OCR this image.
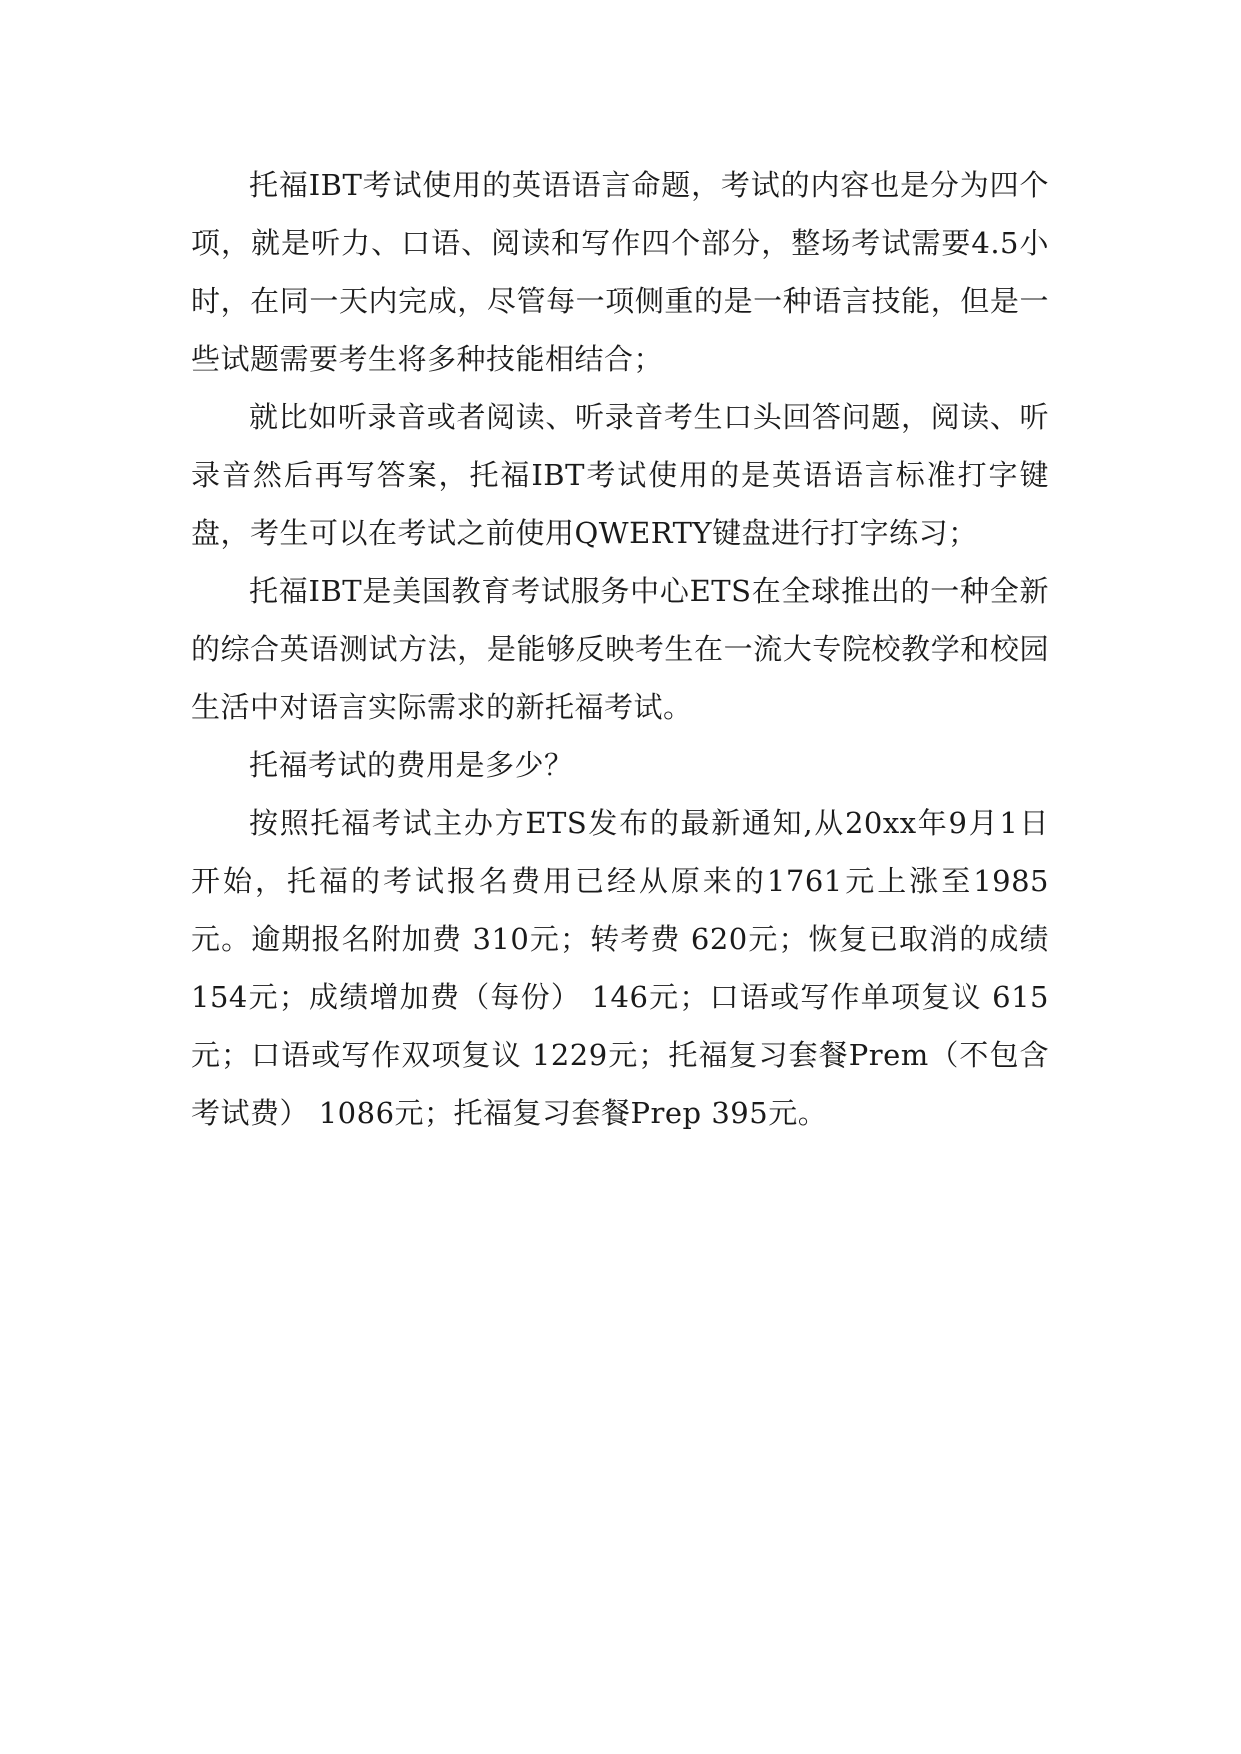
托福IBT考试使用的英语语言命题，考试的内容也是分为四个项，就是听力、口语、阅读和写作四个部分，整场考试需要4.5小时，在同一天内完成，尽管每一项侧重的是一种语言技能，但是一些试题需要考生将多种技能相结合；

就比如听录音或者阅读、听录音考生口头回答问题，阅读、听录音然后再写答案，托福IBT考试使用的是英语语言标准打字键盘，考生可以在考试之前使用QWERTY键盘进行打字练习；

托福IBT是美国教育考试服务中心ETS在全球推出的一种全新的综合英语测试方法，是能够反映考生在一流大专院校教学和校园生活中对语言实际需求的新托福考试。

托福考试的费用是多少？

按照托福考试主办方ETS发布的最新通知,从20xx年9月1日开始，托福的考试报名费用已经从原来的1761元上涨至1985元。逾期报名附加费 310元；转考费 620元；恢复已取消的成绩 154元；成绩增加费（每份） 146元；口语或写作单项复议 615元；口语或写作双项复议 1229元；托福复习套餐Prem（不包含考试费） 1086元；托福复习套餐Prep 395元。
